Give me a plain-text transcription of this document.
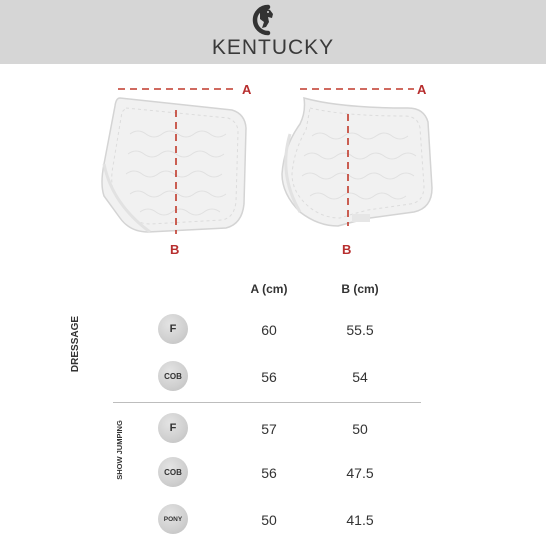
KENTUCKY
A
B
A
B
A (cm)	B (cm)
DRESSAGE
SHOW JUMPING
F	60	55.5
COB	56	54
F	57	50
COB	56	47.5
PONY	50	41.5
